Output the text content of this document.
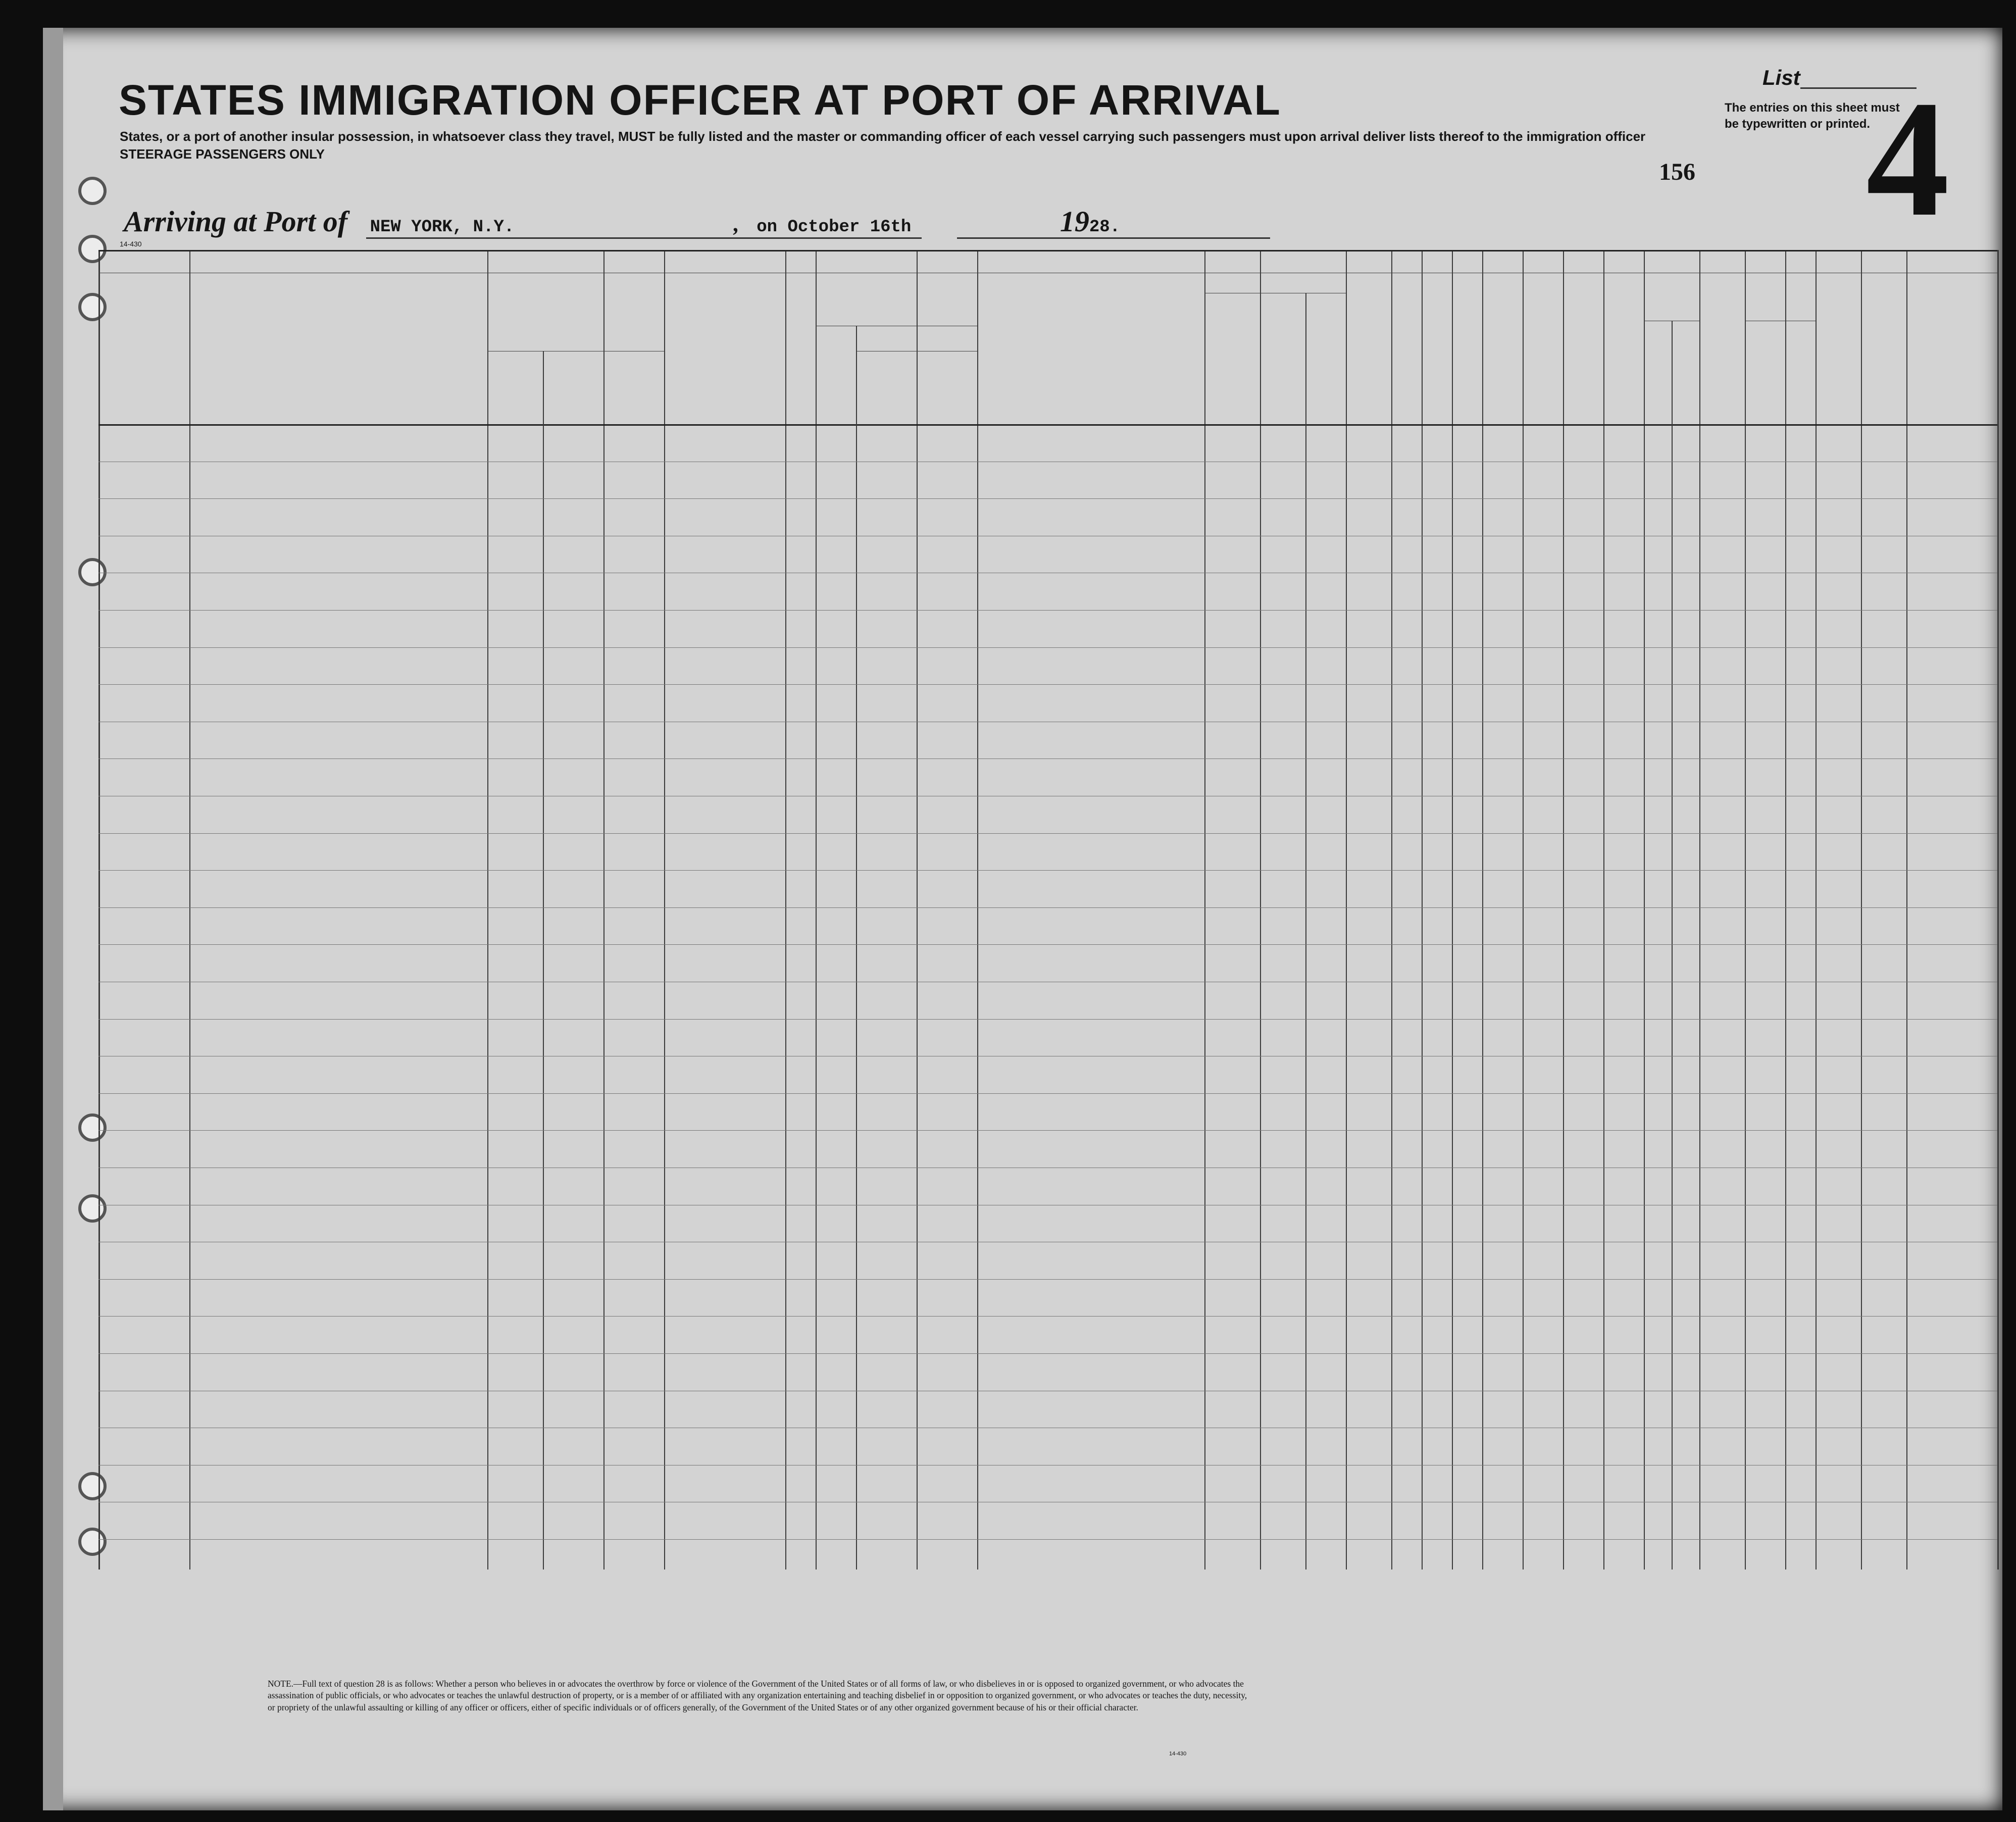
STATES IMMIGRATION OFFICER AT PORT OF ARRIVAL
States, or a port of another insular possession, in whatsoever class they travel, MUST be fully listed and the master or commanding officer of each vessel carrying such passengers must upon arrival deliver lists thereof to the immigration officer
STEERAGE PASSENGERS ONLY
List
The entries on this sheet must
be typewritten or printed.
4
156
Arriving at Port of NEW YORK, N.Y.	, on October 16th	1928.
14-430
NOTE.—Full text of question 28 is as follows: Whether a person who believes in or advocates the overthrow by force or violence of the Government of the United States or of all forms of law, or who disbelieves in or is opposed to organized government, or who advocates the assassination of public officials, or who advocates or teaches the unlawful destruction of property, or is a member of or affiliated with any organization entertaining and teaching disbelief in or opposition to organized government, or who advocates or teaches the duty, necessity, or propriety of the unlawful assaulting or killing of any officer or officers, either of specific individuals or of officers generally, of the Government of the United States or of any other organized government because of his or their official character.
14-430
